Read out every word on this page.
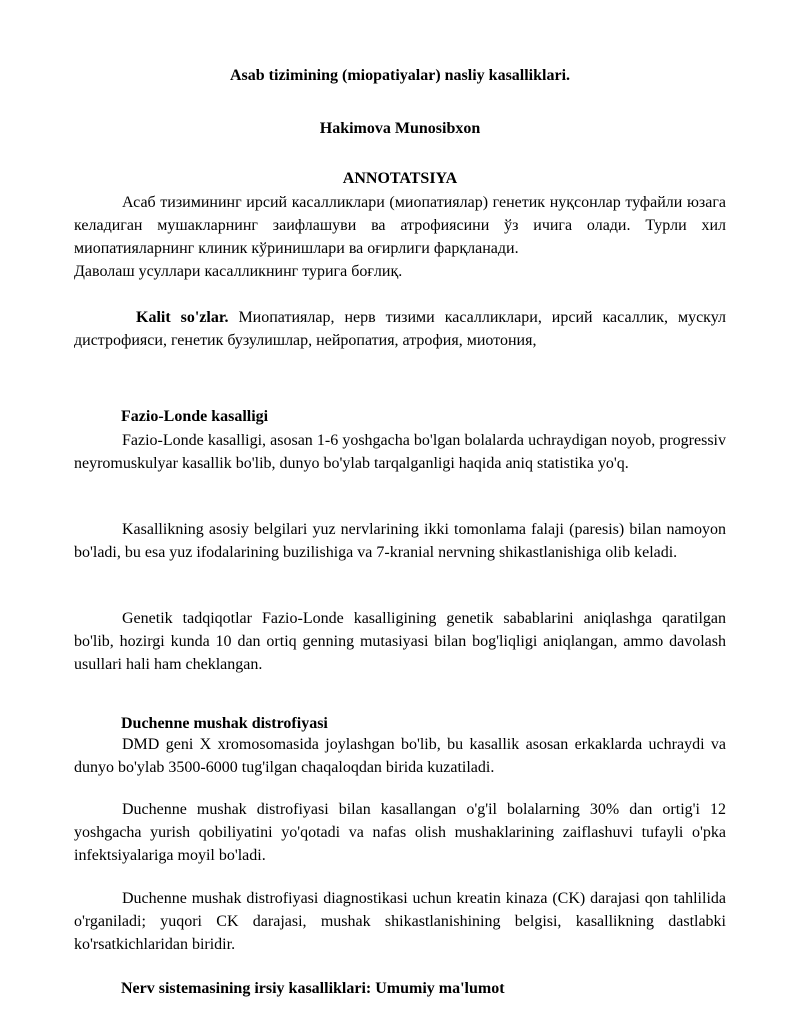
Asab tizimining (miopatiyalar) nasliy kasalliklari.

Hakimova Munosibxon

ANNOTATSIYA

Асаб тизимининг ирсий касалликлари (миопатиялар) генетик нуқсонлар туфайли юзага келадиган мушакларнинг заифлашуви ва атрофиясини ўз ичига олади. Турли хил миопатияларнинг клиник кўринишлари ва оғирлиги фарқланади.

Даволаш усуллари касалликнинг турига боғлиқ.

Kalit so'zlar. Миопатиялар, нерв тизими касалликлари, ирсий касаллик, мускул дистрофияси, генетик бузулишлар, нейропатия, атрофия, миотония,

Fazio-Londe kasalligi

Fazio-Londe kasalligi, asosan 1-6 yoshgacha bo'lgan bolalarda uchraydigan noyob, progressiv neyromuskulyar kasallik bo'lib, dunyo bo'ylab tarqalganligi haqida aniq statistika yo'q.

Kasallikning asosiy belgilari yuz nervlarining ikki tomonlama falaji (paresis) bilan namoyon bo'ladi, bu esa yuz ifodalarining buzilishiga va 7-kranial nervning shikastlanishiga olib keladi.

Genetik tadqiqotlar Fazio-Londe kasalligining genetik sabablarini aniqlashga qaratilgan bo'lib, hozirgi kunda 10 dan ortiq genning mutasiyasi bilan bog'liqligi aniqlangan, ammo davolash usullari hali ham cheklangan.

Duchenne mushak distrofiyasi

DMD geni X xromosomasida joylashgan bo'lib, bu kasallik asosan erkaklarda uchraydi va dunyo bo'ylab 3500-6000 tug'ilgan chaqaloqdan birida kuzatiladi.

Duchenne mushak distrofiyasi bilan kasallangan o'g'il bolalarning 30% dan ortig'i 12 yoshgacha yurish qobiliyatini yo'qotadi va nafas olish mushaklarining zaiflashuvi tufayli o'pka infektsiyalariga moyil bo'ladi.

Duchenne mushak distrofiyasi diagnostikasi uchun kreatin kinaza (CK) darajasi qon tahlilida o'rganiladi; yuqori CK darajasi, mushak shikastlanishining belgisi, kasallikning dastlabki ko'rsatkichlaridan biridir.

Nerv sistemasining irsiy kasalliklari: Umumiy ma'lumot
